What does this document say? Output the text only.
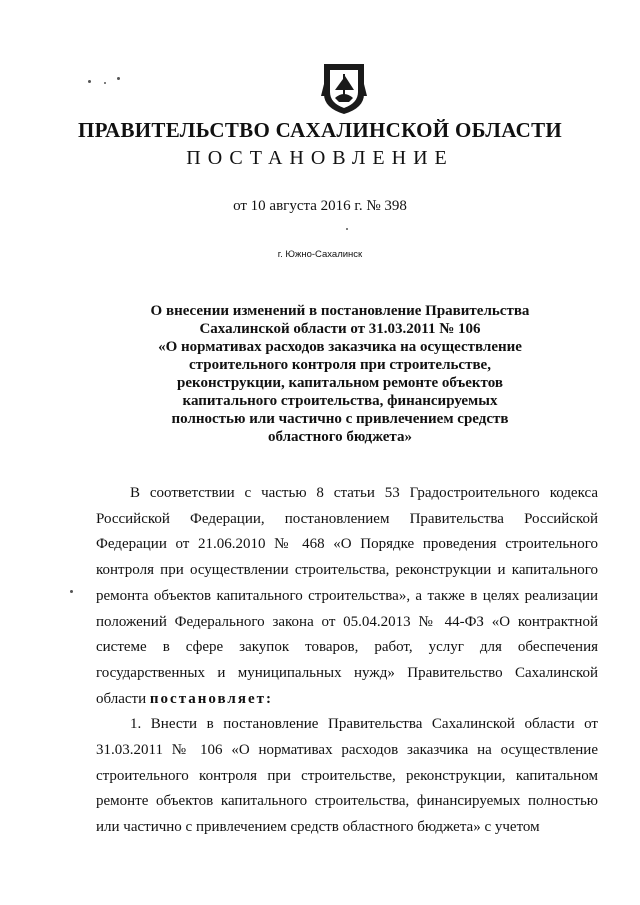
ПРАВИТЕЛЬСТВО САХАЛИНСКОЙ ОБЛАСТИ
ПОСТАНОВЛЕНИЕ
от 10 августа 2016 г. № 398
г. Южно-Сахалинск
О внесении изменений в постановление Правительства
Сахалинской области от 31.03.2011 № 106
«О нормативах расходов заказчика на осуществление
строительного контроля при строительстве,
реконструкции, капитальном ремонте объектов
капитального строительства, финансируемых
полностью или частично с привлечением средств
областного бюджета»

В соответствии с частью 8 статьи 53 Градостроительного кодекса Российской Федерации, постановлением Правительства Российской Федерации от 21.06.2010 № 468 «О Порядке проведения строительного контроля при осуществлении строительства, реконструкции и капитального ремонта объектов капитального строительства», а также в целях реализации положений Федерального закона от 05.04.2013 № 44-ФЗ «О контрактной системе в сфере закупок товаров, работ, услуг для обеспечения государственных и муниципальных нужд» Правительство Сахалинской области постановляет:

1. Внести в постановление Правительства Сахалинской области от 31.03.2011 № 106 «О нормативах расходов заказчика на осуществление строительного контроля при строительстве, реконструкции, капитальном ремонте объектов капитального строительства, финансируемых полностью или частично с привлечением средств областного бюджета» с учетом
